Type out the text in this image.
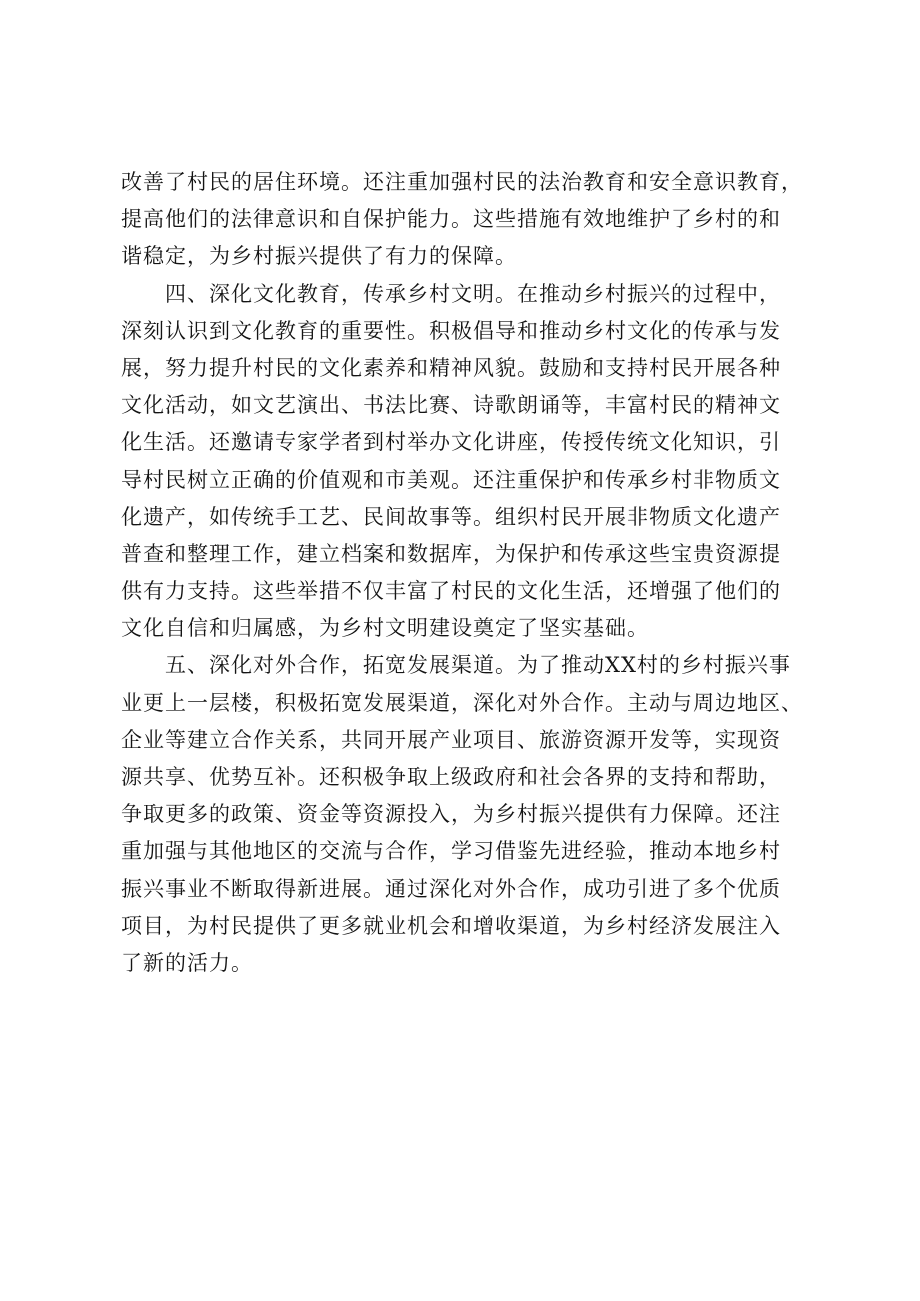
改善了村民的居住环境。还注重加强村民的法治教育和安全意识教育，
提高他们的法律意识和自保护能力。这些措施有效地维护了乡村的和
谐稳定，为乡村振兴提供了有力的保障。
四、深化文化教育，传承乡村文明。在推动乡村振兴的过程中，
深刻认识到文化教育的重要性。积极倡导和推动乡村文化的传承与发
展，努力提升村民的文化素养和精神风貌。鼓励和支持村民开展各种
文化活动，如文艺演出、书法比赛、诗歌朗诵等，丰富村民的精神文
化生活。还邀请专家学者到村举办文化讲座，传授传统文化知识，引
导村民树立正确的价值观和市美观。还注重保护和传承乡村非物质文
化遗产，如传统手工艺、民间故事等。组织村民开展非物质文化遗产
普查和整理工作，建立档案和数据库，为保护和传承这些宝贵资源提
供有力支持。这些举措不仅丰富了村民的文化生活，还增强了他们的
文化自信和归属感，为乡村文明建设奠定了坚实基础。
五、深化对外合作，拓宽发展渠道。为了推动XX村的乡村振兴事
业更上一层楼，积极拓宽发展渠道，深化对外合作。主动与周边地区、
企业等建立合作关系，共同开展产业项目、旅游资源开发等，实现资
源共享、优势互补。还积极争取上级政府和社会各界的支持和帮助，
争取更多的政策、资金等资源投入，为乡村振兴提供有力保障。还注
重加强与其他地区的交流与合作，学习借鉴先进经验，推动本地乡村
振兴事业不断取得新进展。通过深化对外合作，成功引进了多个优质
项目，为村民提供了更多就业机会和增收渠道，为乡村经济发展注入
了新的活力。
